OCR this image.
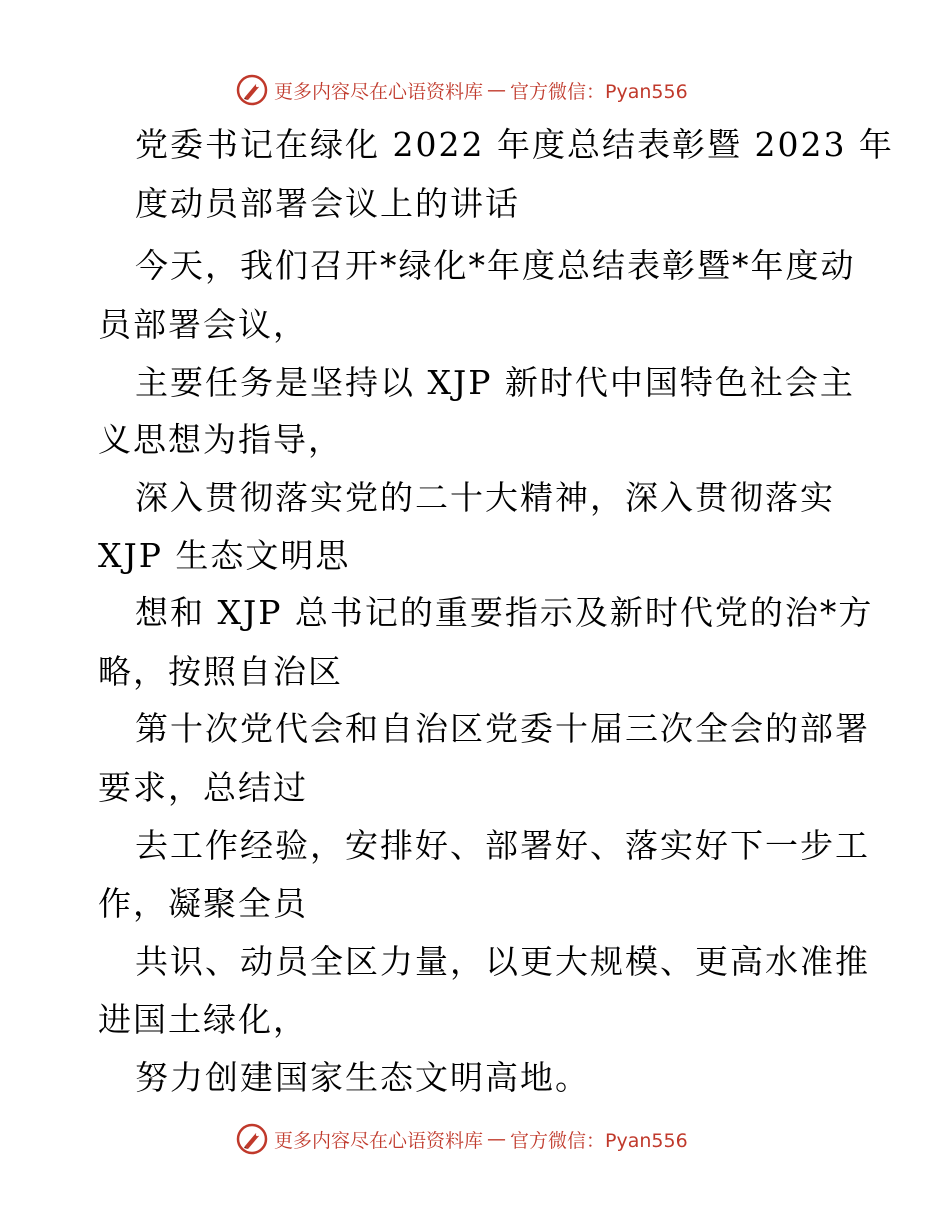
更多内容尽在心语资料库 — 官方微信：Pyan556
党委书记在绿化 2022 年度总结表彰暨 2023 年
度动员部署会议上的讲话
今天，我们召开*绿化*年度总结表彰暨*年度动
员部署会议，
主要任务是坚持以 XJP 新时代中国特色社会主
义思想为指导，
深入贯彻落实党的二十大精神，深入贯彻落实
XJP 生态文明思
想和 XJP 总书记的重要指示及新时代党的治*方
略，按照自治区
第十次党代会和自治区党委十届三次全会的部署
要求，总结过
去工作经验，安排好、部署好、落实好下一步工
作，凝聚全员
共识、动员全区力量，以更大规模、更高水准推
进国土绿化，
努力创建国家生态文明高地。
更多内容尽在心语资料库 — 官方微信：Pyan556
